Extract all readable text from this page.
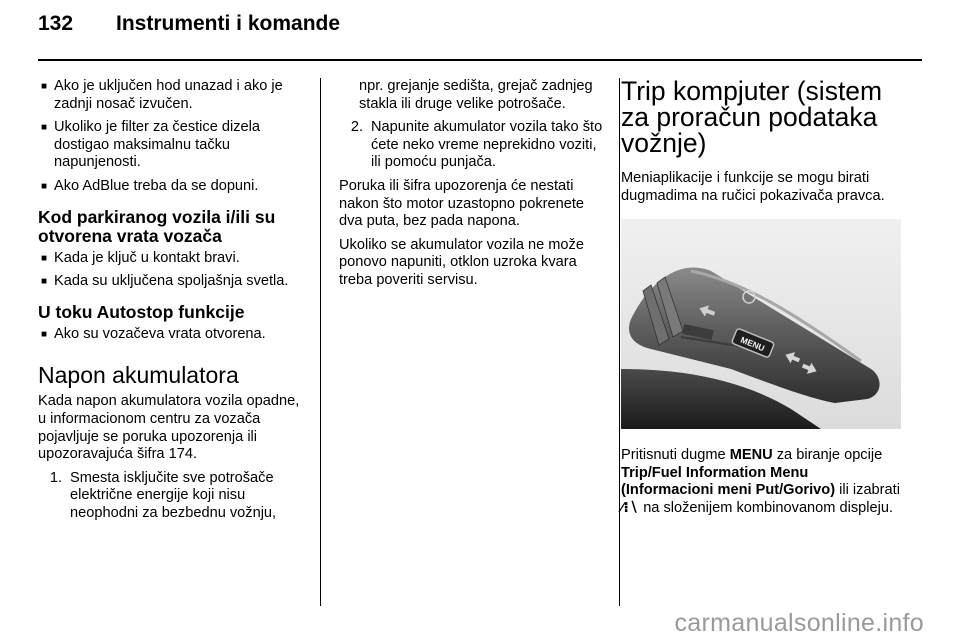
132	Instrumenti i komande
■ Ako je uključen hod unazad i ako je zadnji nosač izvučen.
■ Ukoliko je filter za čestice dizela dostigao maksimalnu tačku napunjenosti.
■ Ako AdBlue treba da se dopuni.
Kod parkiranog vozila i/ili su otvorena vrata vozača
■ Kada je ključ u kontakt bravi.
■ Kada su uključena spoljašnja svetla.
U toku Autostop funkcije
■ Ako su vozačeva vrata otvorena.
Napon akumulatora

Kada napon akumulatora vozila opadne, u informacionom centru za vozača pojavljuje se poruka upozorenja ili upozoravajuća šifra 174.

1. Smesta isključite sve potrošače električne energije koji nisu neophodni za bezbednu vožnju,
npr. grejanje sedišta, grejač zadnjeg stakla ili druge velike potrošače.
2. Napunite akumulator vozila tako što ćete neko vreme neprekidno voziti, ili pomoću punjača.

Poruka ili šifra upozorenja će nestati nakon što motor uzastopno pokrenete dva puta, bez pada napona.

Ukoliko se akumulator vozila ne može ponovo napuniti, otklon uzroka kvara treba poveriti servisu.

Trip kompjuter (sistem za proračun podataka vožnje)

Meniaplikacije i funkcije se mogu birati dugmadima na ručici pokazivača pravca.

MENU

Pritisnuti dugme MENU za biranje opcije Trip/Fuel Information Menu (Informacioni meni Put/Gorivo) ili izabrati ⁄⁝∖ na složenijem kombinovanom displeju.

carmanualsonline.info
